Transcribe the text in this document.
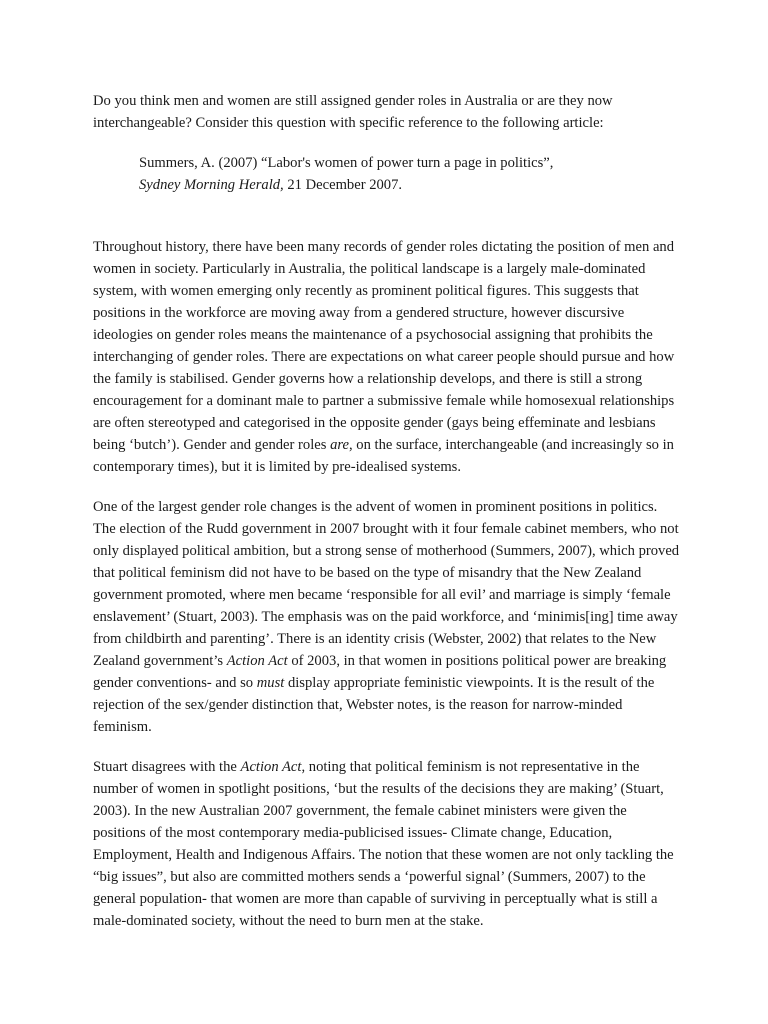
Do you think men and women are still assigned gender roles in Australia or are they now interchangeable? Consider this question with specific reference to the following article:

Summers, A. (2007) “Labor's women of power turn a page in politics”,
Sydney Morning Herald, 21 December 2007.

Throughout history, there have been many records of gender roles dictating the position of men and women in society. Particularly in Australia, the political landscape is a largely male-dominated system, with women emerging only recently as prominent political figures. This suggests that positions in the workforce are moving away from a gendered structure, however discursive ideologies on gender roles means the maintenance of a psychosocial assigning that prohibits the interchanging of gender roles. There are expectations on what career people should pursue and how the family is stabilised. Gender governs how a relationship develops, and there is still a strong encouragement for a dominant male to partner a submissive female while homosexual relationships are often stereotyped and categorised in the opposite gender (gays being effeminate and lesbians being ‘butch’). Gender and gender roles are, on the surface, interchangeable (and increasingly so in contemporary times), but it is limited by pre-idealised systems.

One of the largest gender role changes is the advent of women in prominent positions in politics. The election of the Rudd government in 2007 brought with it four female cabinet members, who not only displayed political ambition, but a strong sense of motherhood (Summers, 2007), which proved that political feminism did not have to be based on the type of misandry that the New Zealand government promoted, where men became ‘responsible for all evil’ and marriage is simply ‘female enslavement’ (Stuart, 2003). The emphasis was on the paid workforce, and ‘minimis[ing] time away from childbirth and parenting’. There is an identity crisis (Webster, 2002) that relates to the New Zealand government’s Action Act of 2003, in that women in positions political power are breaking gender conventions- and so must display appropriate feministic viewpoints. It is the result of the rejection of the sex/gender distinction that, Webster notes, is the reason for narrow-minded feminism.

Stuart disagrees with the Action Act, noting that political feminism is not representative in the number of women in spotlight positions, ‘but the results of the decisions they are making’ (Stuart, 2003). In the new Australian 2007 government, the female cabinet ministers were given the positions of the most contemporary media-publicised issues- Climate change, Education, Employment, Health and Indigenous Affairs. The notion that these women are not only tackling the “big issues”, but also are committed mothers sends a ‘powerful signal’ (Summers, 2007) to the general population- that women are more than capable of surviving in perceptually what is still a male-dominated society, without the need to burn men at the stake.
